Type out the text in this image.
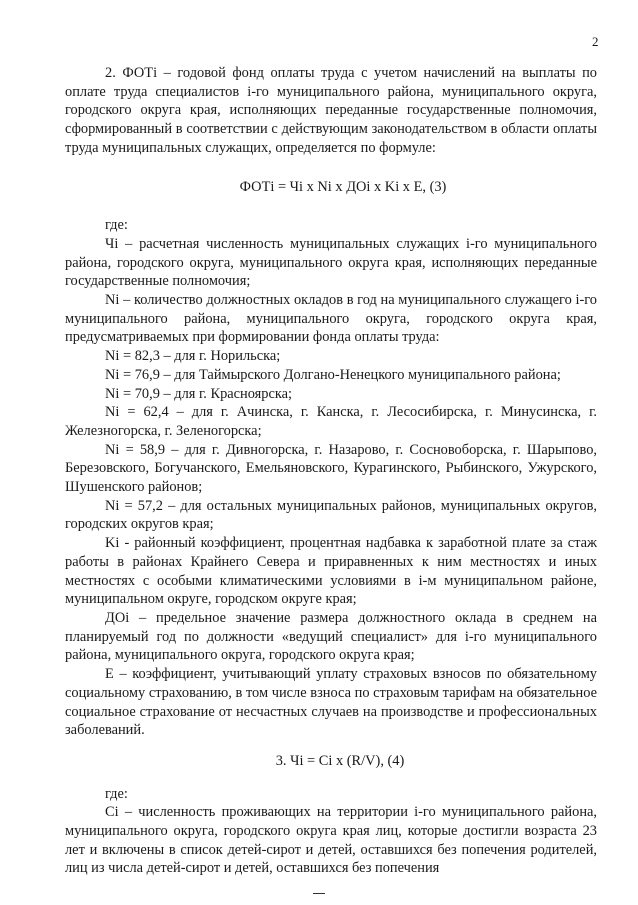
2

2. ФОТi – годовой фонд оплаты труда с учетом начислений на выплаты по оплате труда специалистов i-го муниципального района, муниципального округа, городского округа края, исполняющих переданные государственные полномочия, сформированный в соответствии с действующим законодательством в области оплаты труда муниципальных служащих, определяется по формуле:

ФОТi = Чi x Ni x ДОi x Ki x E, (3)

где:

Чi – расчетная численность муниципальных служащих i-го муниципального района, городского округа, муниципального округа края, исполняющих переданные государственные полномочия;

Ni – количество должностных окладов в год на муниципального служащего i-го муниципального района, муниципального округа, городского округа края, предусматриваемых при формировании фонда оплаты труда:

Ni = 82,3 – для г. Норильска;

Ni = 76,9 – для Таймырского Долгано-Ненецкого муниципального района;

Ni = 70,9 – для г. Красноярска;

Ni = 62,4 – для г. Ачинска, г. Канска, г. Лесосибирска, г. Минусинска, г. Железногорска, г. Зеленогорска;

Ni = 58,9 – для г. Дивногорска, г. Назарово, г. Сосновоборска, г. Шарыпово, Березовского, Богучанского, Емельяновского, Курагинского, Рыбинского, Ужурского, Шушенского районов;

Ni = 57,2 – для остальных муниципальных районов, муниципальных округов, городских округов края;

Ki - районный коэффициент, процентная надбавка к заработной плате за стаж работы в районах Крайнего Севера и приравненных к ним местностях и иных местностях с особыми климатическими условиями в i-м муниципальном районе, муниципальном округе, городском округе края;

ДОi – предельное значение размера должностного оклада в среднем на планируемый год по должности «ведущий специалист» для i-го муниципального района, муниципального округа, городского округа края;

Е – коэффициент, учитывающий уплату страховых взносов по обязательному социальному страхованию, в том числе взноса по страховым тарифам на обязательное социальное страхование от несчастных случаев на производстве и профессиональных заболеваний.

3. Чi = Ci x (R/V), (4)

где:

Ci – численность проживающих на территории i-го муниципального района, муниципального округа, городского округа края лиц, которые достигли возраста 23 лет и включены в список детей-сирот и детей, оставшихся без попечения родителей, лиц из числа детей-сирот и детей, оставшихся без попечения
